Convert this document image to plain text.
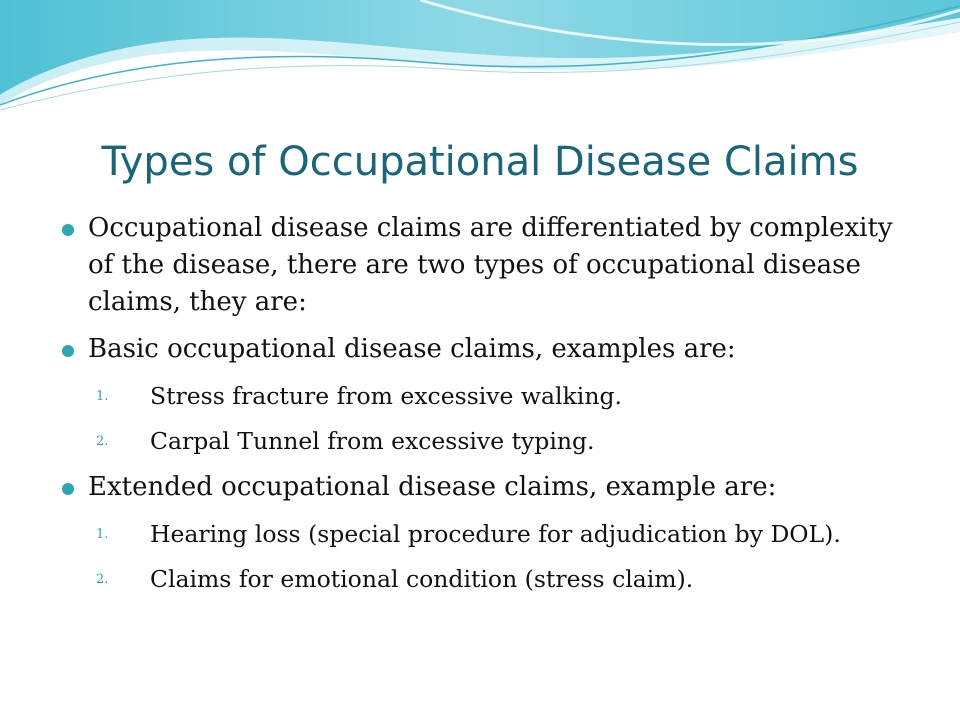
Types of Occupational Disease Claims
Occupational disease claims are differentiated by complexity of the disease, there are two types of occupational disease claims, they are:
Basic occupational disease claims, examples are:
1. Stress fracture from excessive walking.
2. Carpal Tunnel from excessive typing.
Extended occupational disease claims, example are:
1. Hearing loss (special procedure for adjudication by DOL).
2. Claims for emotional condition (stress claim).
